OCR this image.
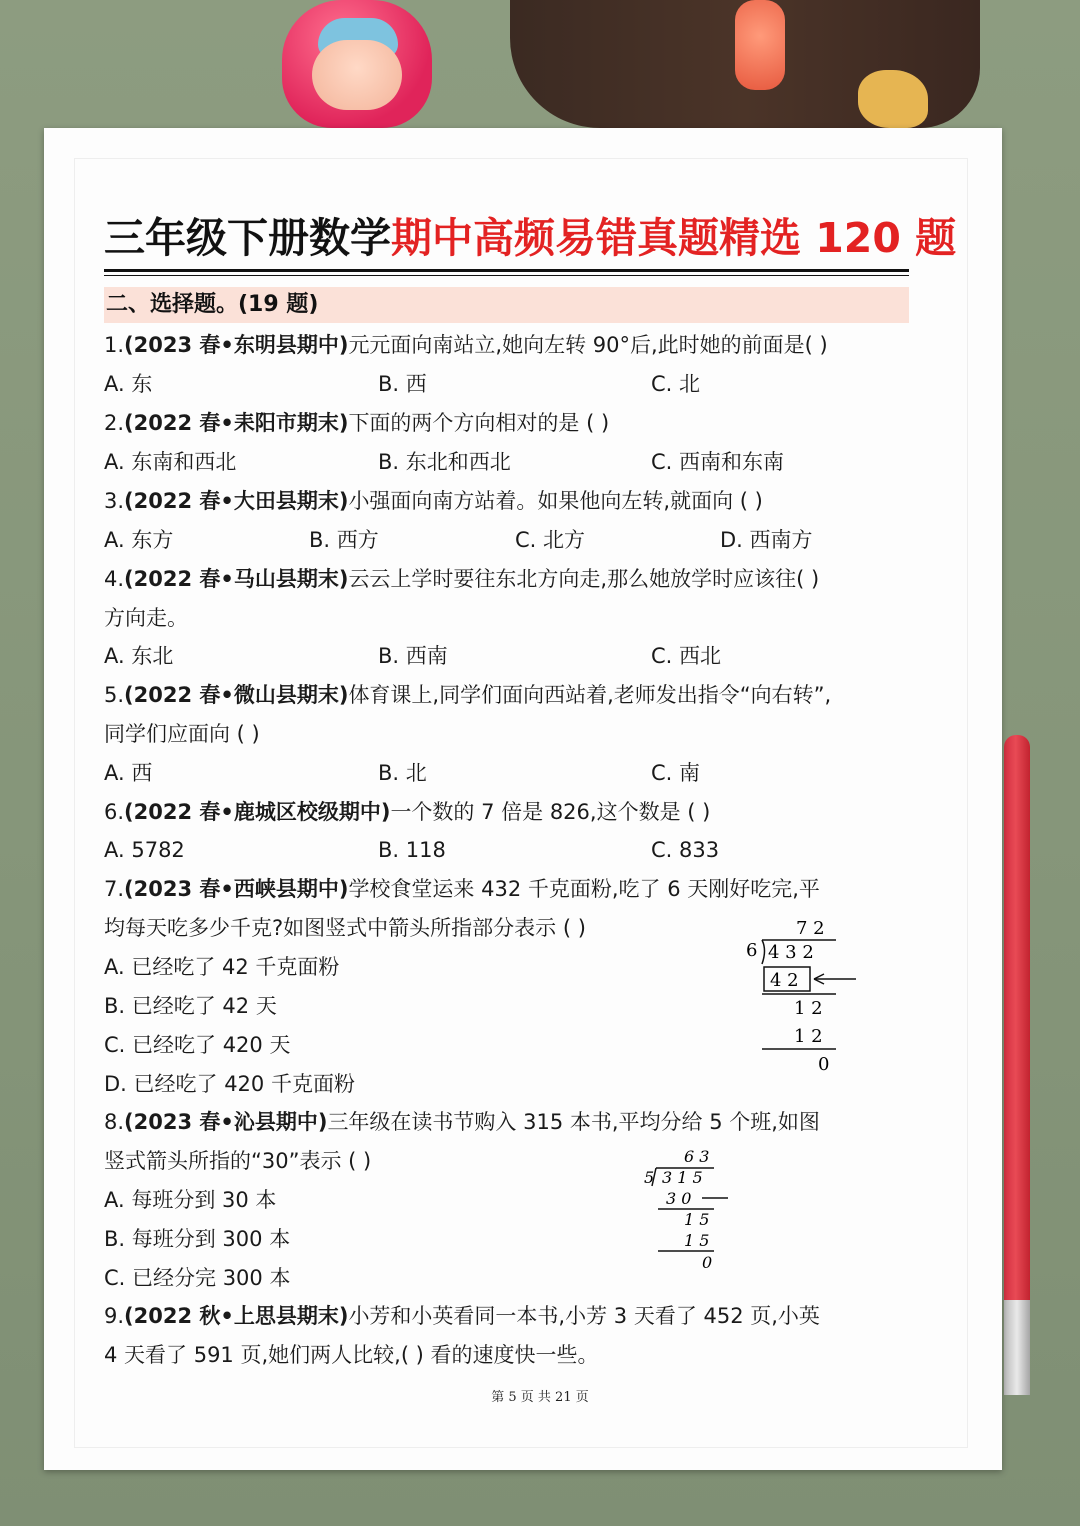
三年级下册数学期中高频易错真题精选 120 题
二、选择题。(19 题)
1.(2023 春•东明县期中)元元面向南站立,她向左转 90°后,此时她的前面是( )
A. 东	B. 西	C. 北
2.(2022 春•耒阳市期末)下面的两个方向相对的是 ( )
A. 东南和西北	B. 东北和西北	C. 西南和东南
3.(2022 春•大田县期末)小强面向南方站着。如果他向左转,就面向 ( )
A. 东方	B. 西方	C. 北方	D. 西南方
4.(2022 春•马山县期末)云云上学时要往东北方向走,那么她放学时应该往( )
方向走。
A. 东北	B. 西南	C. 西北
5.(2022 春•微山县期末)体育课上,同学们面向西站着,老师发出指令“向右转”,
同学们应面向 ( )
A. 西	B. 北	C. 南
6.(2022 春•鹿城区校级期中)一个数的 7 倍是 826,这个数是 ( )
A. 5782	B. 118	C. 833
7.(2023 春•西峡县期中)学校食堂运来 432 千克面粉,吃了 6 天刚好吃完,平
均每天吃多少千克?如图竖式中箭头所指部分表示 ( )
A. 已经吃了 42 千克面粉
B. 已经吃了 42 天
C. 已经吃了 420 天
D. 已经吃了 420 千克面粉
7 2
6 4 3 2
4 2
1 2
1 2
0
8.(2023 春•沁县期中)三年级在读书节购入 315 本书,平均分给 5 个班,如图
竖式箭头所指的“30”表示 ( )
A. 每班分到 30 本
B. 每班分到 300 本
C. 已经分完 300 本
6 3
5 3 1 5
3 0
1 5
1 5
0
9.(2022 秋•上思县期末)小芳和小英看同一本书,小芳 3 天看了 452 页,小英
4 天看了 591 页,她们两人比较,( ) 看的速度快一些。
第 5 页 共 21 页
